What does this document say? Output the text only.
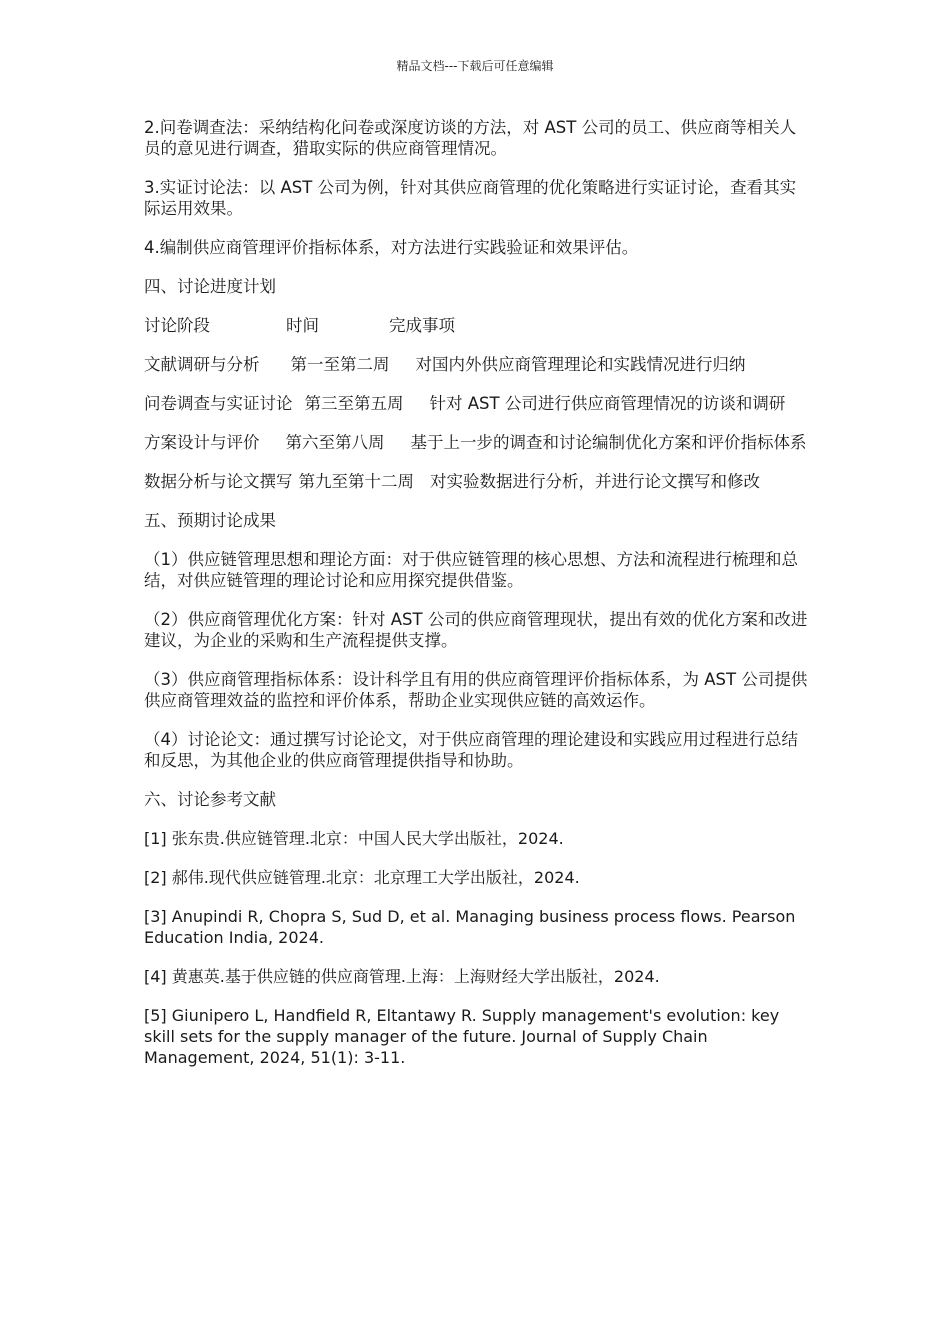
精品文档---下载后可任意编辑

2.问卷调查法：采纳结构化问卷或深度访谈的方法，对 AST 公司的员工、供应商等相关人员的意见进行调查，猎取实际的供应商管理情况。

3.实证讨论法：以 AST 公司为例，针对其供应商管理的优化策略进行实证讨论，查看其实际运用效果。

4.编制供应商管理评价指标体系，对方法进行实践验证和效果评估。

四、讨论进度计划

讨论阶段	时间	完成事项

文献调研与分析 第一至第二周 对国内外供应商管理理论和实践情况进行归纳

问卷调查与实证讨论 第三至第五周 针对 AST 公司进行供应商管理情况的访谈和调研

方案设计与评价 第六至第八周 基于上一步的调查和讨论编制优化方案和评价指标体系

数据分析与论文撰写 第九至第十二周 对实验数据进行分析，并进行论文撰写和修改

五、预期讨论成果

（1）供应链管理思想和理论方面：对于供应链管理的核心思想、方法和流程进行梳理和总结，对供应链管理的理论讨论和应用探究提供借鉴。

（2）供应商管理优化方案：针对 AST 公司的供应商管理现状，提出有效的优化方案和改进建议，为企业的采购和生产流程提供支撑。

（3）供应商管理指标体系：设计科学且有用的供应商管理评价指标体系，为 AST 公司提供供应商管理效益的监控和评价体系，帮助企业实现供应链的高效运作。

（4）讨论论文：通过撰写讨论论文，对于供应商管理的理论建设和实践应用过程进行总结和反思，为其他企业的供应商管理提供指导和协助。

六、讨论参考文献

[1] 张东贵.供应链管理.北京：中国人民大学出版社，2024.

[2] 郝伟.现代供应链管理.北京：北京理工大学出版社，2024.

[3] Anupindi R, Chopra S, Sud D, et al. Managing business process flows. Pearson Education India, 2024.

[4] 黄惠英.基于供应链的供应商管理.上海：上海财经大学出版社，2024.

[5] Giunipero L, Handfield R, Eltantawy R. Supply management's evolution: key skill sets for the supply manager of the future. Journal of Supply Chain Management, 2024, 51(1): 3-11.
